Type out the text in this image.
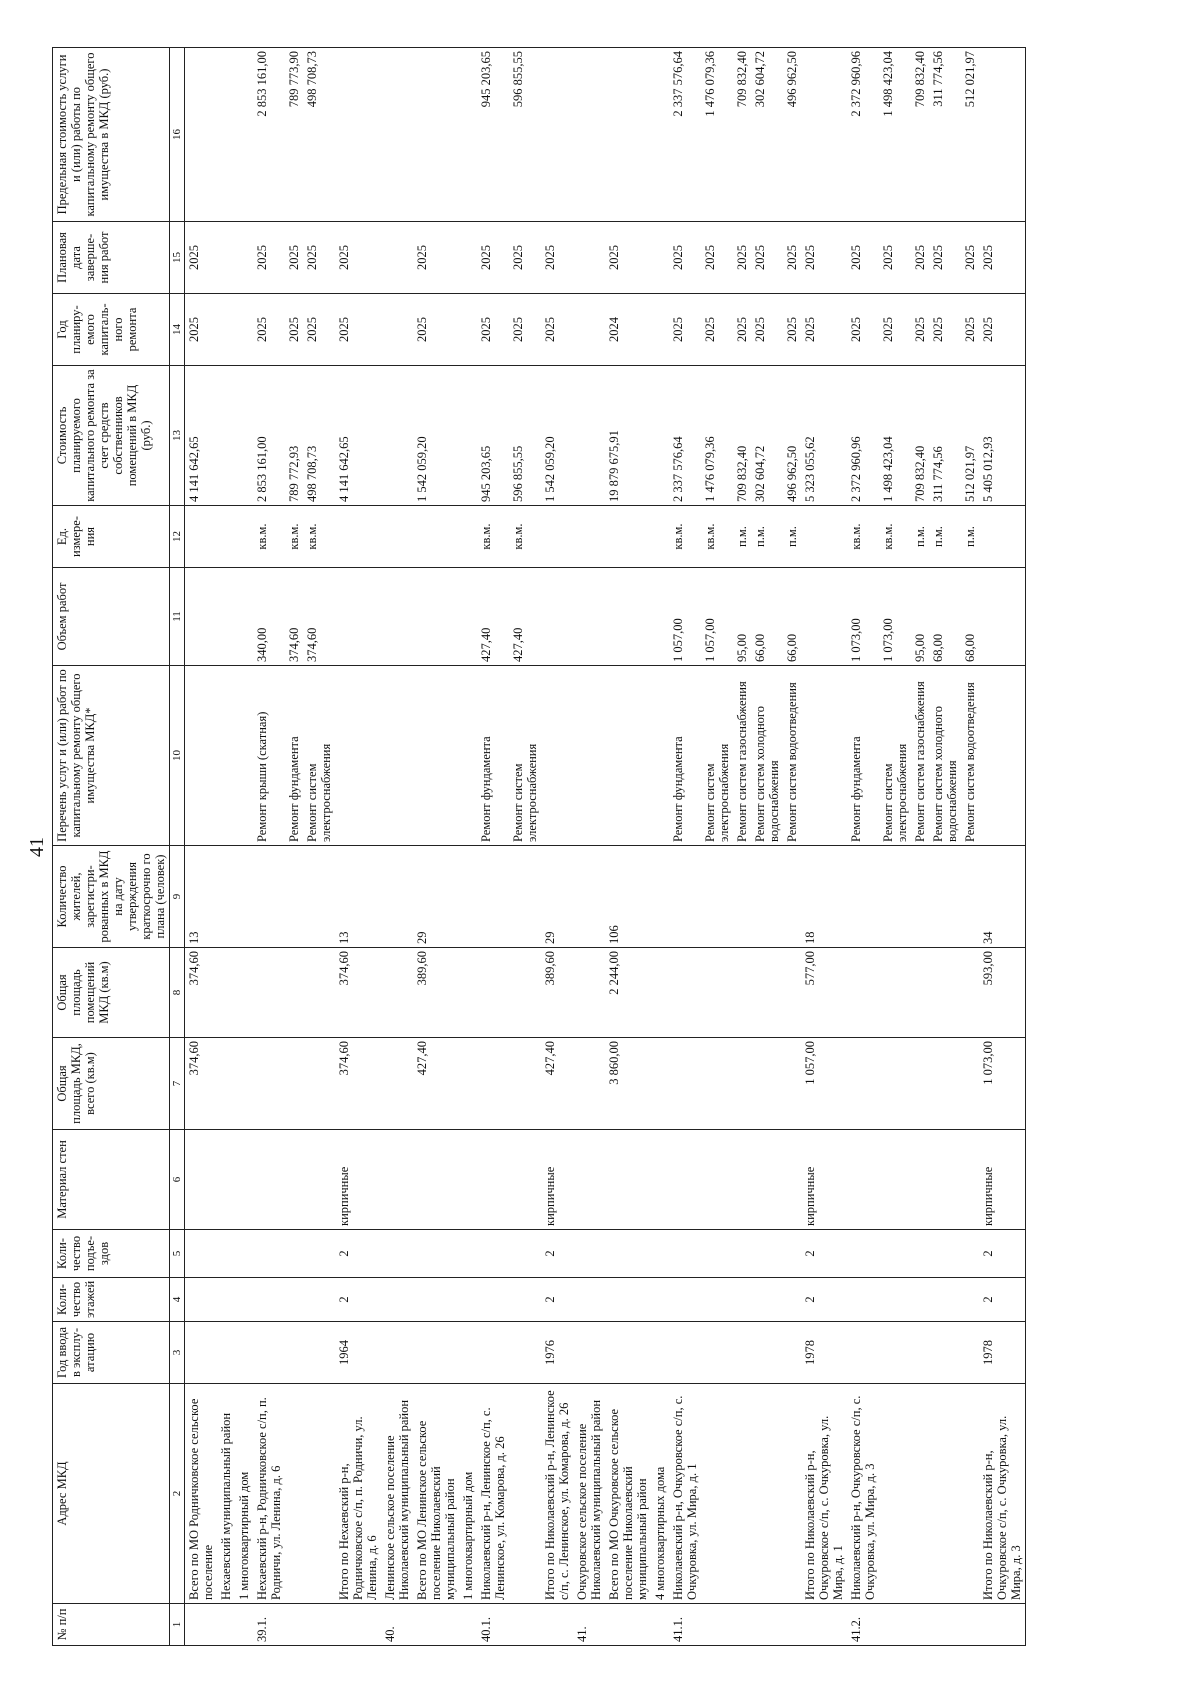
41
№ п/п	Адрес МКД	Год ввода в эксплу-атацию	Коли-чество этажей	Коли-чество подъе-здов	Материал стен	Общая площадь МКД, всего (кв.м)	Общая площадь помещений МКД (кв.м)	Количество жителей, зарегистри-рованных в МКД на дату утверждения краткосрочно го плана (человек)	Перечень услуг и (или) работ по капитальному ремонту общего имущества МКД*	Объем работ	Ед. измере-ния	Стоимость планируемого капитального ремонта за счет средств собственников помещений в МКД (руб.)	Год планиру-емого капиталь-ного ремонта	Плановая дата заверше-ния работ	Предельная стоимость услуги и (или) работы по капитальному ремонту общего имущества в МКД (руб.)
1	2	3	4	5	6	7	8	9	10	11	12	13	14	15	16
	Всего по МО Родничковское сельское поселение					374,60	374,60	13				4 141 642,65	2025	2025	
	Нехаевский муниципальный район														
	1 многоквартирный дом														
39.1.	Нехаевский р-н, Родничковское с/п, п. Родничи, ул. Ленина, д. 6								Ремонт крыши (скатная)	340,00	кв.м.	2 853 161,00	2025	2025	2 853 161,00
									Ремонт фундамента	374,60	кв.м.	789 772,93	2025	2025	789 773,90
									Ремонт систем электроснабжения	374,60	кв.м.	498 708,73	2025	2025	498 708,73
	Итого по Нехаевский р-н, Родничковское с/п, п. Родничи, ул. Ленина, д. 6	1964	2	2	кирпичные	374,60	374,60	13				4 141 642,65	2025	2025	
40.	Ленинское сельское поселение Николаевский муниципальный район														
	Всего по МО Ленинское сельское поселение Николаевский муниципальный район					427,40	389,60	29				1 542 059,20	2025	2025	
	1 многоквартирный дом														
40.1.	Николаевский р-н, Ленинское с/п, с. Ленинское, ул. Комарова, д. 26								Ремонт фундамента	427,40	кв.м.	945 203,65	2025	2025	945 203,65
									Ремонт систем электроснабжения	427,40	кв.м.	596 855,55	2025	2025	596 855,55
	Итого по Николаевский р-н, Ленинское с/п, с. Ленинское, ул. Комарова, д. 26	1976	2	2	кирпичные	427,40	389,60	29				1 542 059,20	2025	2025	
41.	Очкуровское сельское поселение Николаевский муниципальный район														
	Всего по МО Очкуровское сельское поселение Николаевский муниципальный район					3 860,00	2 244,00	106				19 879 675,91	2024	2025	
	4 многоквартирных дома														
41.1.	Николаевский р-н, Очкуровское с/п, с. Очкуровка, ул. Мира, д. 1								Ремонт фундамента	1 057,00	кв.м.	2 337 576,64	2025	2025	2 337 576,64
									Ремонт систем электроснабжения	1 057,00	кв.м.	1 476 079,36	2025	2025	1 476 079,36
									Ремонт систем газоснабжения	95,00	п.м.	709 832,40	2025	2025	709 832,40
									Ремонт систем холодного водоснабжения	66,00	п.м.	302 604,72	2025	2025	302 604,72
									Ремонт систем водоотведения	66,00	п.м.	496 962,50	2025	2025	496 962,50
	Итого по Николаевский р-н, Очкуровское с/п, с. Очкуровка, ул. Мира, д. 1	1978	2	2	кирпичные	1 057,00	577,00	18				5 323 055,62	2025	2025	
41.2.	Николаевский р-н, Очкуровское с/п, с. Очкуровка, ул. Мира, д. 3								Ремонт фундамента	1 073,00	кв.м.	2 372 960,96	2025	2025	2 372 960,96
									Ремонт систем электроснабжения	1 073,00	кв.м.	1 498 423,04	2025	2025	1 498 423,04
									Ремонт систем газоснабжения	95,00	п.м.	709 832,40	2025	2025	709 832,40
									Ремонт систем холодного водоснабжения	68,00	п.м.	311 774,56	2025	2025	311 774,56
									Ремонт систем водоотведения	68,00	п.м.	512 021,97	2025	2025	512 021,97
	Итого по Николаевский р-н, Очкуровское с/п, с. Очкуровка, ул. Мира, д. 3	1978	2	2	кирпичные	1 073,00	593,00	34				5 405 012,93	2025	2025	
